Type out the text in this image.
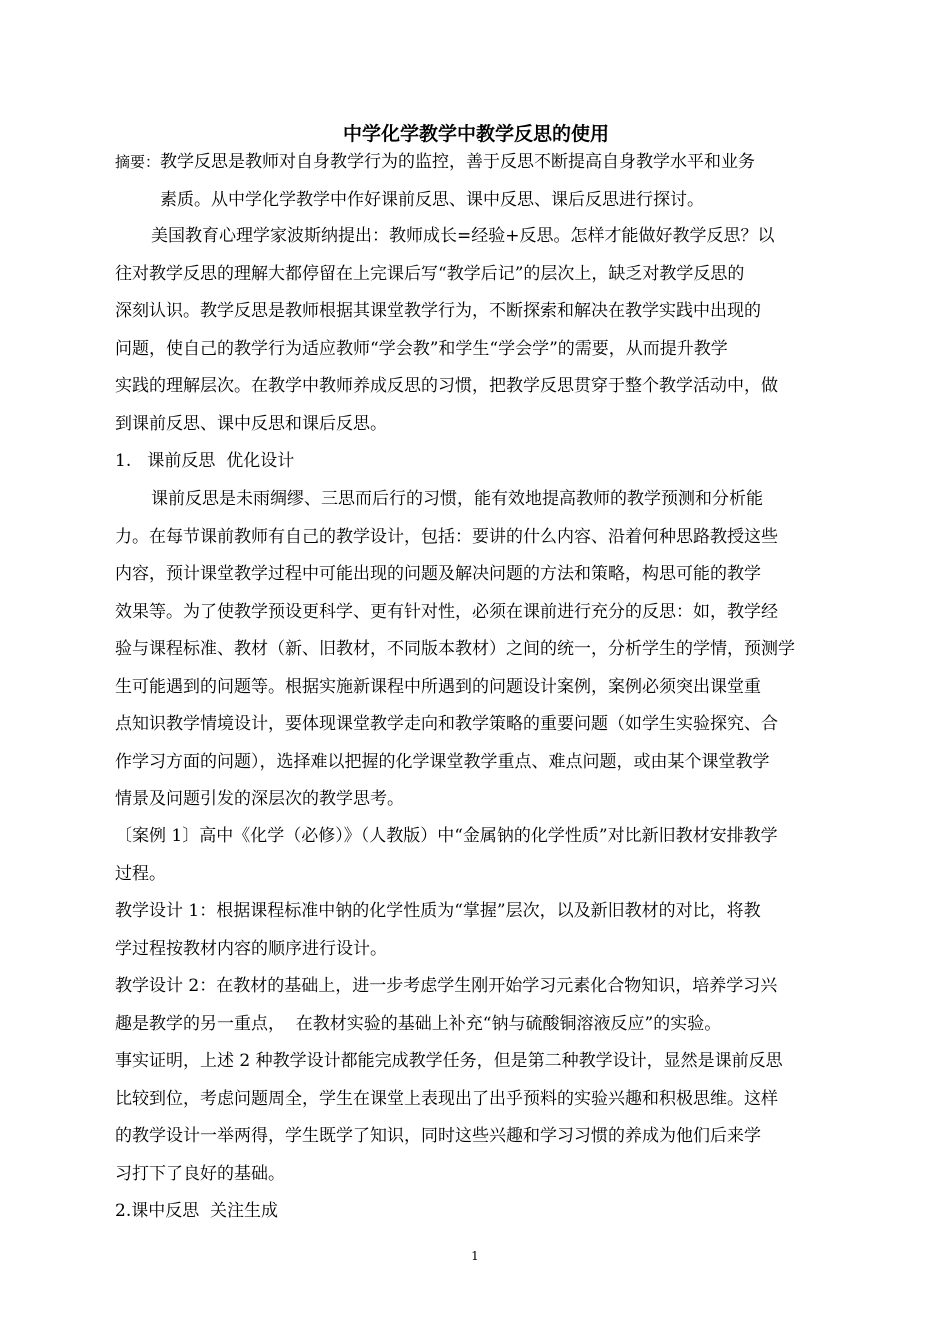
中学化学教学中教学反思的使用
摘要：教学反思是教师对自身教学行为的监控，善于反思不断提高自身教学水平和业务
素质。从中学化学教学中作好课前反思、课中反思、课后反思进行探讨。
美国教育心理学家波斯纳提出：教师成长=经验+反思。怎样才能做好教学反思？以
往对教学反思的理解大都停留在上完课后写“教学后记”的层次上，缺乏对教学反思的
深刻认识。教学反思是教师根据其课堂教学行为，不断探索和解决在教学实践中出现的
问题，使自己的教学行为适应教师“学会教”和学生“学会学”的需要，从而提升教学
实践的理解层次。在教学中教师养成反思的习惯，把教学反思贯穿于整个教学活动中，做
到课前反思、课中反思和课后反思。
1.   课前反思  优化设计
课前反思是未雨绸缪、三思而后行的习惯，能有效地提高教师的教学预测和分析能
力。在每节课前教师有自己的教学设计，包括：要讲的什么内容、沿着何种思路教授这些
内容，预计课堂教学过程中可能出现的问题及解决问题的方法和策略，构思可能的教学
效果等。为了使教学预设更科学、更有针对性，必须在课前进行充分的反思：如，教学经
验与课程标准、教材（新、旧教材，不同版本教材）之间的统一，分析学生的学情，预测学
生可能遇到的问题等。根据实施新课程中所遇到的问题设计案例，案例必须突出课堂重
点知识教学情境设计，要体现课堂教学走向和教学策略的重要问题（如学生实验探究、合
作学习方面的问题），选择难以把握的化学课堂教学重点、难点问题，或由某个课堂教学
情景及问题引发的深层次的教学思考。
〔案例 1〕高中《化学（必修）》（人教版）中“金属钠的化学性质”对比新旧教材安排教学
过程。
教学设计 1：根据课程标准中钠的化学性质为“掌握”层次，以及新旧教材的对比，将教
学过程按教材内容的顺序进行设计。
教学设计 2：在教材的基础上，进一步考虑学生刚开始学习元素化合物知识，培养学习兴
趣是教学的另一重点，  在教材实验的基础上补充“钠与硫酸铜溶液反应”的实验。
事实证明，上述 2 种教学设计都能完成教学任务，但是第二种教学设计，显然是课前反思
比较到位，考虑问题周全，学生在课堂上表现出了出乎预料的实验兴趣和积极思维。这样
的教学设计一举两得，学生既学了知识，同时这些兴趣和学习习惯的养成为他们后来学
习打下了良好的基础。
2.课中反思  关注生成
1
